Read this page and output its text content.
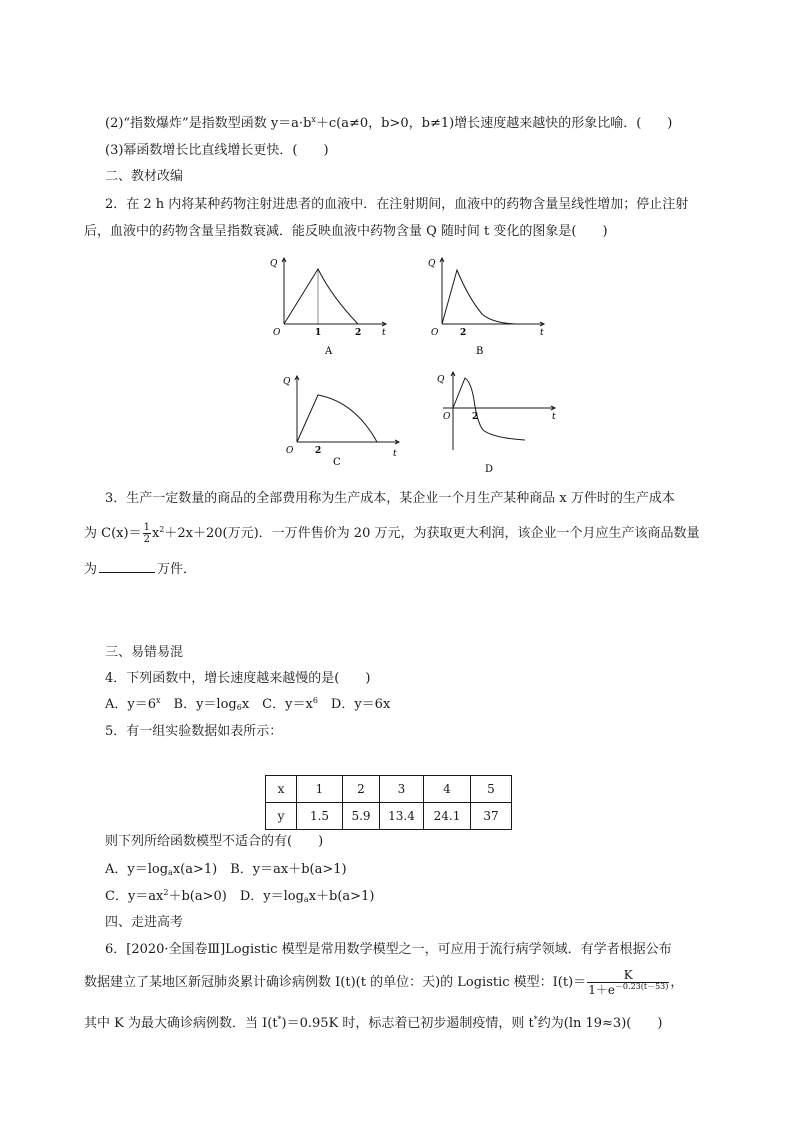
(2)“指数爆炸”是指数型函数 $y=a\cdot b^x+c(a\ne 0$，b>0，b≠1)增长速度越来越快的形象比喻．(　　)
(3)幂函数增长比直线增长更快．(　　)
二、教材改编
2．在 2 h 内将某种药物注射进患者的血液中．在注射期间，血液中的药物含量呈线性增加；停止注射
后，血液中的药物含量呈指数衰减．能反映血液中药物含量 Q 随时间 t 变化的图象是(　　)
Q
O	1	2 t
A
Q
O 2	t
B
Q
O 2	t
C
Q
O 2	t
D
3．生产一定数量的商品的全部费用称为生产成本，某企业一个月生产某种商品 x 万件时的生产成本
为 $C(x)= \frac{1}{2} x^2+2x+20$(万元)．一万件售价为 20 万元，为获取更大利润，该企业一个月应生产该商品数量
为	万件．
三、易错易混
4．下列函数中，增长速度越来越慢的是(　　)
A．$y=6^x$　B．$y=\log_6x$　C．$y=x^6$　D．y＝6x
5．有一组实验数据如表所示：
x	1	2	3	4	5
y	1.5	5.9	13.4	24.1	37
则下列所给函数模型不适合的有(　　)
A．$y=\log_ax(a>1)$　B．y＝ax＋b(a>1)
C．$y=ax^2+b(a>0)$　D．$y=\log_ax+b(a>1)$
四、走进高考
6．[2020·全国卷Ⅲ]Logistic 模型是常用数学模型之一，可应用于流行病学领域．有学者根据公布
数据建立了某地区新冠肺炎累计确诊病例数 I(t)(t 的单位：天)的 Logistic 模型：$I(t)= \frac{K}{1+e^{-0.23(t-53)}}$ ，
其中 K 为最大确诊病例数．当 I(t*)＝0.95K 时，标志着已初步遏制疫情，则 t*约为(ln 19≈3)(　　)
